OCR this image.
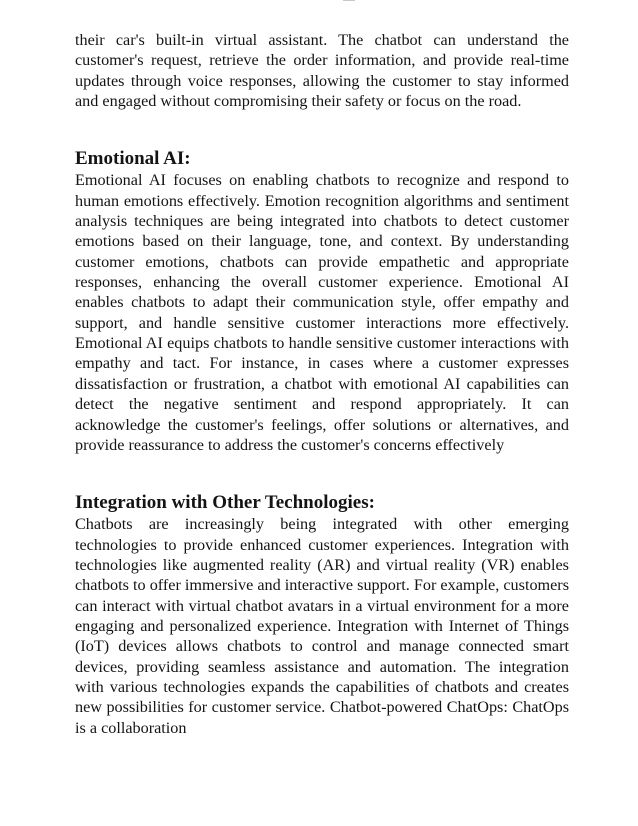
their car's built-in virtual assistant. The chatbot can understand the customer's request, retrieve the order information, and provide real-time updates through voice responses, allowing the customer to stay informed and engaged without compromising their safety or focus on the road.

Emotional AI:

Emotional AI focuses on enabling chatbots to recognize and respond to human emotions effectively. Emotion recognition algorithms and sentiment analysis techniques are being integrated into chatbots to detect customer emotions based on their language, tone, and context. By understanding customer emotions, chatbots can provide empathetic and appropriate responses, enhancing the overall customer experience. Emotional AI enables chatbots to adapt their communication style, offer empathy and support, and handle sensitive customer interactions more effectively. Emotional AI equips chatbots to handle sensitive customer interactions with empathy and tact. For instance, in cases where a customer expresses dissatisfaction or frustration, a chatbot with emotional AI capabilities can detect the negative sentiment and respond appropriately. It can acknowledge the customer's feelings, offer solutions or alternatives, and provide reassurance to address the customer's concerns effectively

Integration with Other Technologies:

Chatbots are increasingly being integrated with other emerging technologies to provide enhanced customer experiences. Integration with technologies like augmented reality (AR) and virtual reality (VR) enables chatbots to offer immersive and interactive support. For example, customers can interact with virtual chatbot avatars in a virtual environment for a more engaging and personalized experience. Integration with Internet of Things (IoT) devices allows chatbots to control and manage connected smart devices, providing seamless assistance and automation. The integration with various technologies expands the capabilities of chatbots and creates new possibilities for customer service. Chatbot-powered ChatOps: ChatOps is a collaboration
